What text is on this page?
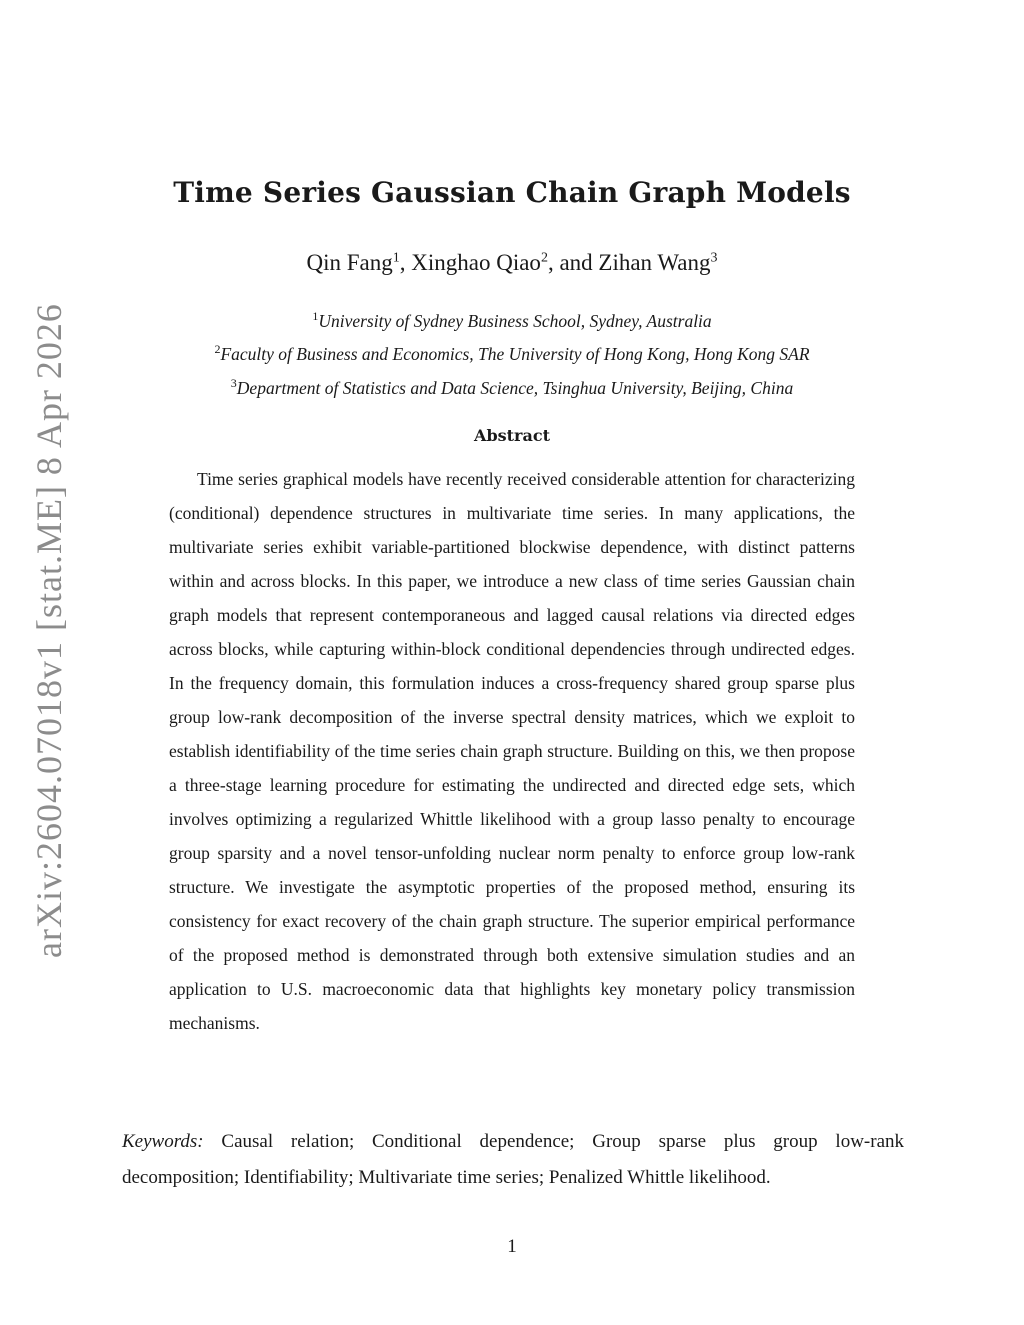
arXiv:2604.07018v1 [stat.ME] 8 Apr 2026
Time Series Gaussian Chain Graph Models
Qin Fang$^1$, Xinghao Qiao$^2$, and Zihan Wang$^3$
$^1$University of Sydney Business School, Sydney, Australia
$^2$Faculty of Business and Economics, The University of Hong Kong, Hong Kong SAR
$^3$Department of Statistics and Data Science, Tsinghua University, Beijing, China
Abstract

Time series graphical models have recently received considerable attention for characterizing (conditional) dependence structures in multivariate time series. In many applications, the multivariate series exhibit variable-partitioned blockwise dependence, with distinct patterns within and across blocks. In this paper, we introduce a new class of time series Gaussian chain graph models that represent contemporaneous and lagged causal relations via directed edges across blocks, while capturing within-block conditional dependencies through undirected edges. In the frequency domain, this formulation induces a cross-frequency shared group sparse plus group low-rank decomposition of the inverse spectral density matrices, which we exploit to establish identifiability of the time series chain graph structure. Building on this, we then propose a three-stage learning procedure for estimating the undirected and directed edge sets, which involves optimizing a regularized Whittle likelihood with a group lasso penalty to encourage group sparsity and a novel tensor-unfolding nuclear norm penalty to enforce group low-rank structure. We investigate the asymptotic properties of the proposed method, ensuring its consistency for exact recovery of the chain graph structure. The superior empirical performance of the proposed method is demonstrated through both extensive simulation studies and an application to U.S. macroeconomic data that highlights key monetary policy transmission mechanisms.

Keywords: Causal relation; Conditional dependence; Group sparse plus group low-rank decomposition; Identifiability; Multivariate time series; Penalized Whittle likelihood.

1
